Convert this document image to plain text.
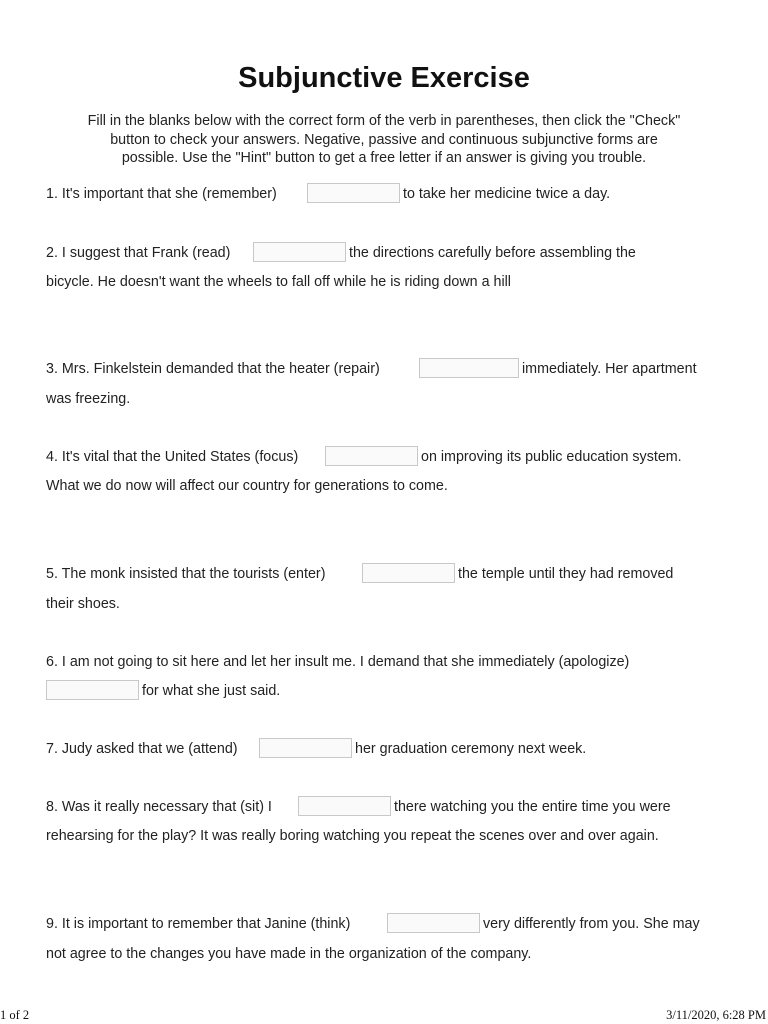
Subjunctive Exercise
Fill in the blanks below with the correct form of the verb in parentheses, then click the "Check"
button to check your answers. Negative, passive and continuous subjunctive forms are
possible. Use the "Hint" button to get a free letter if an answer is giving you trouble.
1. It's important that she (remember)	to take her medicine twice a day.
2. I suggest that Frank (read)	the directions carefully before assembling the
bicycle. He doesn't want the wheels to fall off while he is riding down a hill
3. Mrs. Finkelstein demanded that the heater (repair)	immediately. Her apartment
was freezing.
4. It's vital that the United States (focus)	on improving its public education system.
What we do now will affect our country for generations to come.
5. The monk insisted that the tourists (enter)	the temple until they had removed
their shoes.
6. I am not going to sit here and let her insult me. I demand that she immediately (apologize)
for what she just said.
7. Judy asked that we (attend)	her graduation ceremony next week.
8. Was it really necessary that (sit) I	there watching you the entire time you were
rehearsing for the play? It was really boring watching you repeat the scenes over and over again.
9. It is important to remember that Janine (think)	very differently from you. She may
not agree to the changes you have made in the organization of the company.
1 of 2	3/11/2020, 6:28 PM
